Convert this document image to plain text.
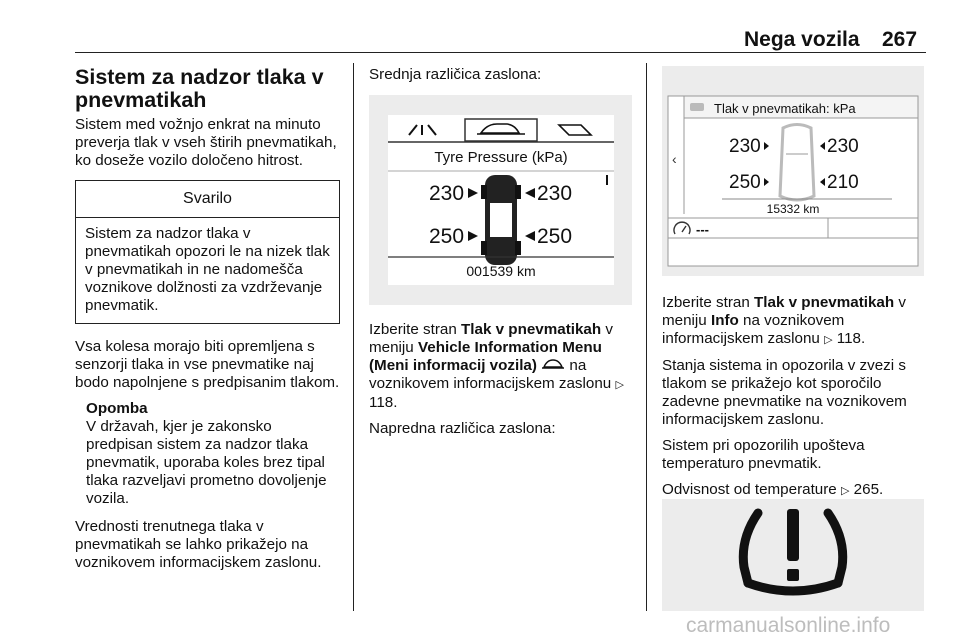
Nega vozila 267
Sistem za nadzor tlaka v pnevmatikah

Sistem med vožnjo enkrat na minuto preverja tlak v vseh štirih pnevmatikah, ko doseže vozilo določeno hitrost.

Svarilo
Sistem za nadzor tlaka v pnevmatikah opozori le na nizek tlak v pnevmatikah in ne nadomešča voznikove dolžnosti za vzdrževanje pnevmatik.

Vsa kolesa morajo biti opremljena s senzorji tlaka in vse pnevmatike naj bodo napolnjene s predpisanim tlakom.

Opomba
V državah, kjer je zakonsko predpisan sistem za nadzor tlaka pnevmatik, uporaba koles brez tipal tlaka razveljavi prometno dovoljenje vozila.

Vrednosti trenutnega tlaka v pnevmatikah se lahko prikažejo na voznikovem informacijskem zaslonu.

Srednja različica zaslona:

Tyre Pressure (kPa)
230	230
250	250
001539 km

Izberite stran Tlak v pnevmatikah v meniju Vehicle Information Menu (Meni informacij vozila)  na voznikovem informacijskem zaslonu ▷ 118.

Napredna različica zaslona:

‹
Tlak v pnevmatikah: kPa
230	230
250	210
15332 km
---

Izberite stran Tlak v pnevmatikah v meniju Info na voznikovem informacijskem zaslonu ▷ 118.

Stanja sistema in opozorila v zvezi s tlakom se prikažejo kot sporočilo zadevne pnevmatike na voznikovem informacijskem zaslonu.

Sistem pri opozorilih upošteva temperaturo pnevmatik.

Odvisnost od temperature ▷ 265.

carmanualsonline.info
